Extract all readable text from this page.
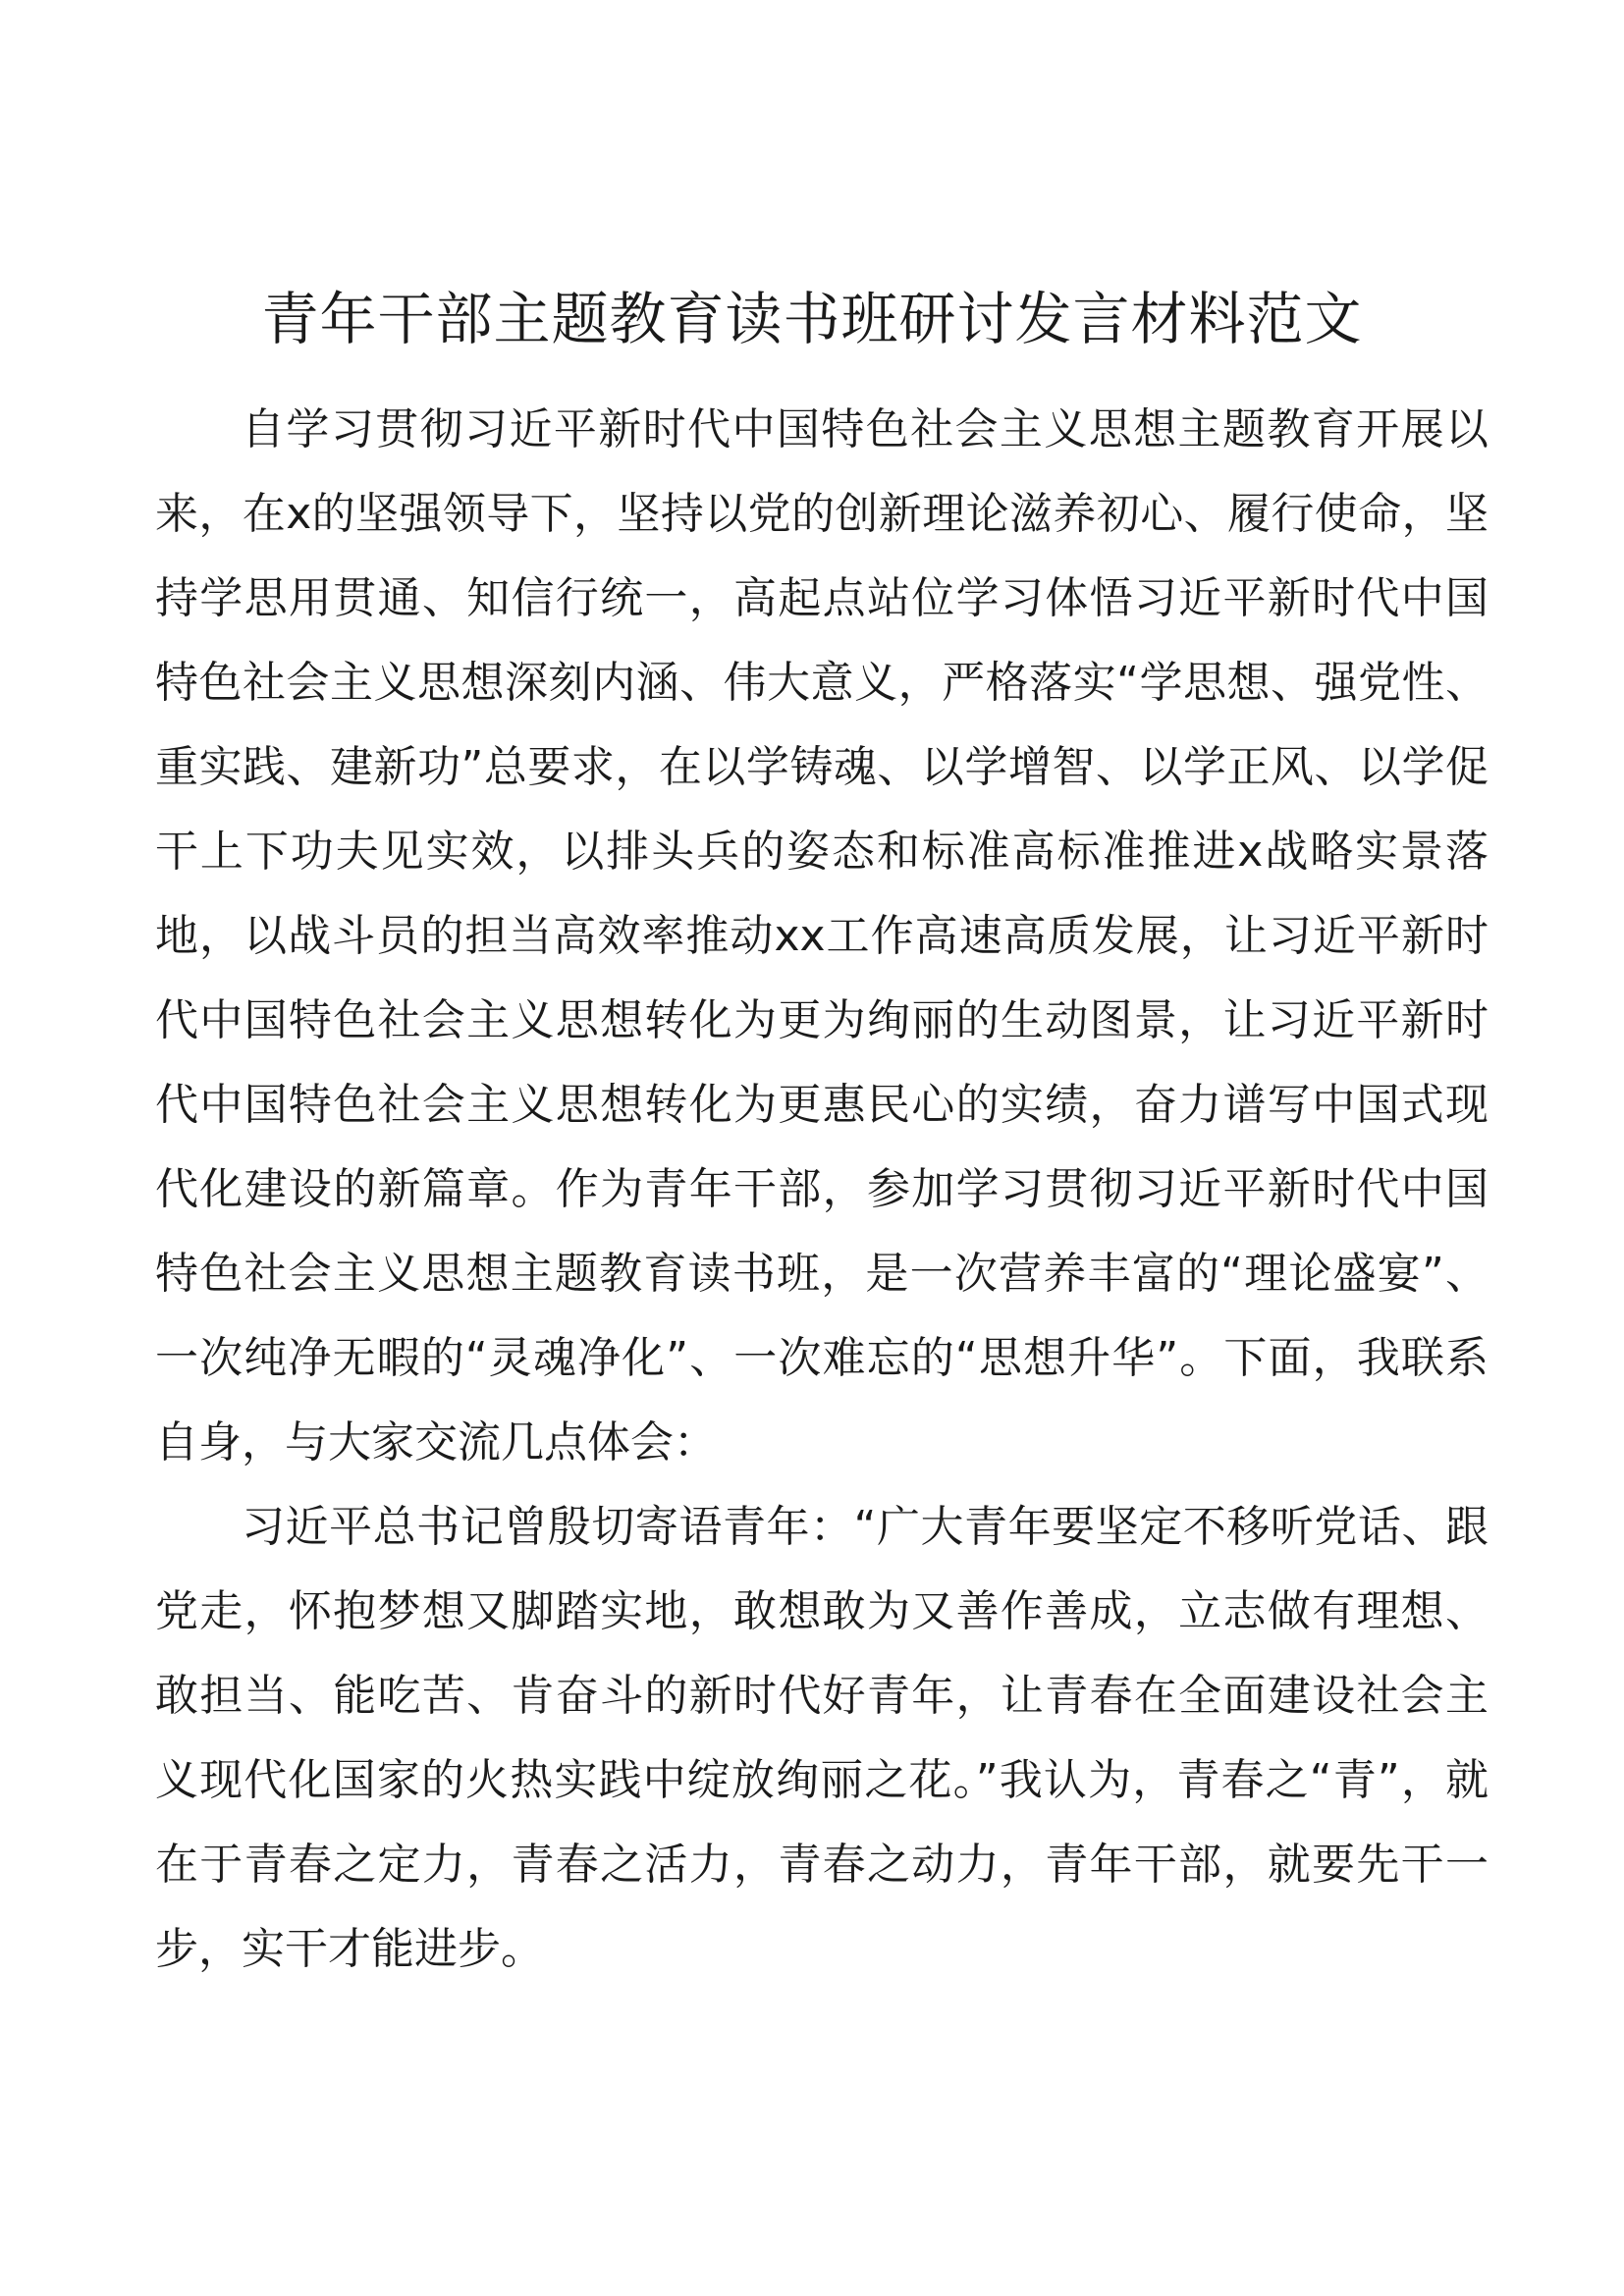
青年干部主题教育读书班研讨发言材料范文

自学习贯彻习近平新时代中国特色社会主义思想主题教育开展以来，在x的坚强领导下，坚持以党的创新理论滋养初心、履行使命，坚持学思用贯通、知信行统一，高起点站位学习体悟习近平新时代中国特色社会主义思想深刻内涵、伟大意义，严格落实“学思想、强党性、重实践、建新功”总要求，在以学铸魂、以学增智、以学正风、以学促干上下功夫见实效，以排头兵的姿态和标准高标准推进x战略实景落地，以战斗员的担当高效率推动xx工作高速高质发展，让习近平新时代中国特色社会主义思想转化为更为绚丽的生动图景，让习近平新时代中国特色社会主义思想转化为更惠民心的实绩，奋力谱写中国式现代化建设的新篇章。作为青年干部，参加学习贯彻习近平新时代中国特色社会主义思想主题教育读书班，是一次营养丰富的“理论盛宴”、一次纯净无暇的“灵魂净化”、一次难忘的“思想升华”。下面，我联系自身，与大家交流几点体会：

习近平总书记曾殷切寄语青年：“广大青年要坚定不移听党话、跟党走，怀抱梦想又脚踏实地，敢想敢为又善作善成，立志做有理想、敢担当、能吃苦、肯奋斗的新时代好青年，让青春在全面建设社会主义现代化国家的火热实践中绽放绚丽之花。”我认为，青春之“青”，就在于青春之定力，青春之活力，青春之动力，青年干部，就要先干一步，实干才能进步。
